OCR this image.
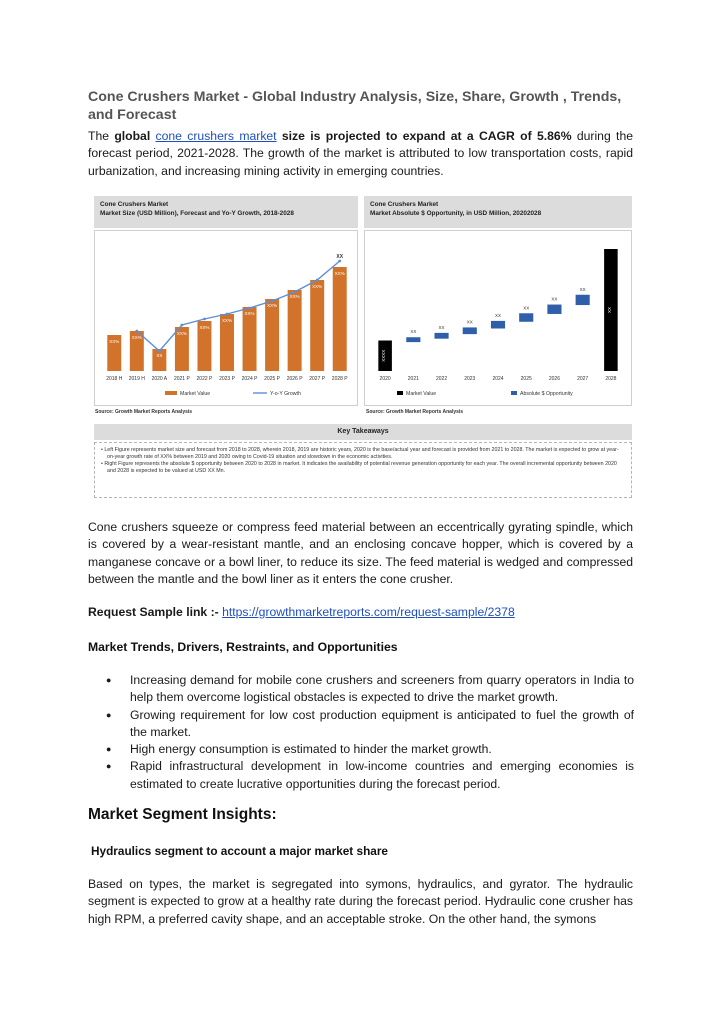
Cone Crushers Market - Global Industry Analysis, Size, Share, Growth , Trends, and Forecast

The global cone crushers market size is projected to expand at a CAGR of 5.86% during the forecast period, 2021-2028. The growth of the market is attributed to low transportation costs, rapid urbanization, and increasing mining activity in emerging countries.

Cone Crushers Market
Market Size (USD Million), Forecast and Yo-Y Growth, 2018-2028
Cone Crushers Market
Market Absolute $ Opportunity, in USD Million, 20202028
XX%
2018 H
XX%
2019 H
XX
2020 A
XX%
2021 P
XX%
2022 P
XX%
2023 P
XX%
2024 P
XX%
2025 P
XX%
2026 P
XX%
2027 P
XX%
2028 P
XX
Market Value	Y-o-Y Growth
2020
XXXX
2021
XX
2022
XX
2023
XX
2024
XX
2025
XX
2026
XX
2027
XX
2028
XX
Market Value	Absolute $ Opportunity
Source: Growth Market Reports Analysis	Source: Growth Market Reports Analysis
Key Takeaways
• Left Figure represents market size and forecast from 2018 to 2028, wherein 2018, 2019 are historic years, 2020 is the base/actual year and forecast is provided from 2021 to 2028. The market is expected to grow at year-on-year growth rate of XX% between 2019 and 2020 owing to Covid-19 situation and slowdown in the economic activities.
• Right Figure represents the absolute $ opportunity between 2020 to 2028 in market. It indicates the availability of potential revenue generation opportunity for each year. The overall incremental opportunity between 2020 and 2028 is expected to be valued at USD XX Mn.

Cone crushers squeeze or compress feed material between an eccentrically gyrating spindle, which is covered by a wear-resistant mantle, and an enclosing concave hopper, which is covered by a manganese concave or a bowl liner, to reduce its size. The feed material is wedged and compressed between the mantle and the bowl liner as it enters the cone crusher.

Request Sample link :- https://growthmarketreports.com/request-sample/2378

Market Trends, Drivers, Restraints, and Opportunities
●	Increasing demand for mobile cone crushers and screeners from quarry operators in India to help them overcome logistical obstacles is expected to drive the market growth.
●	Growing requirement for low cost production equipment is anticipated to fuel the growth of the market.
●	High energy consumption is estimated to hinder the market growth.
●	Rapid infrastructural development in low-income countries and emerging economies is estimated to create lucrative opportunities during the forecast period.
Market Segment Insights:
Hydraulics segment to account a major market share

Based on types, the market is segregated into symons, hydraulics, and gyrator. The hydraulic segment is expected to grow at a healthy rate during the forecast period. Hydraulic cone crusher has high RPM, a preferred cavity shape, and an acceptable stroke. On the other hand, the symons
